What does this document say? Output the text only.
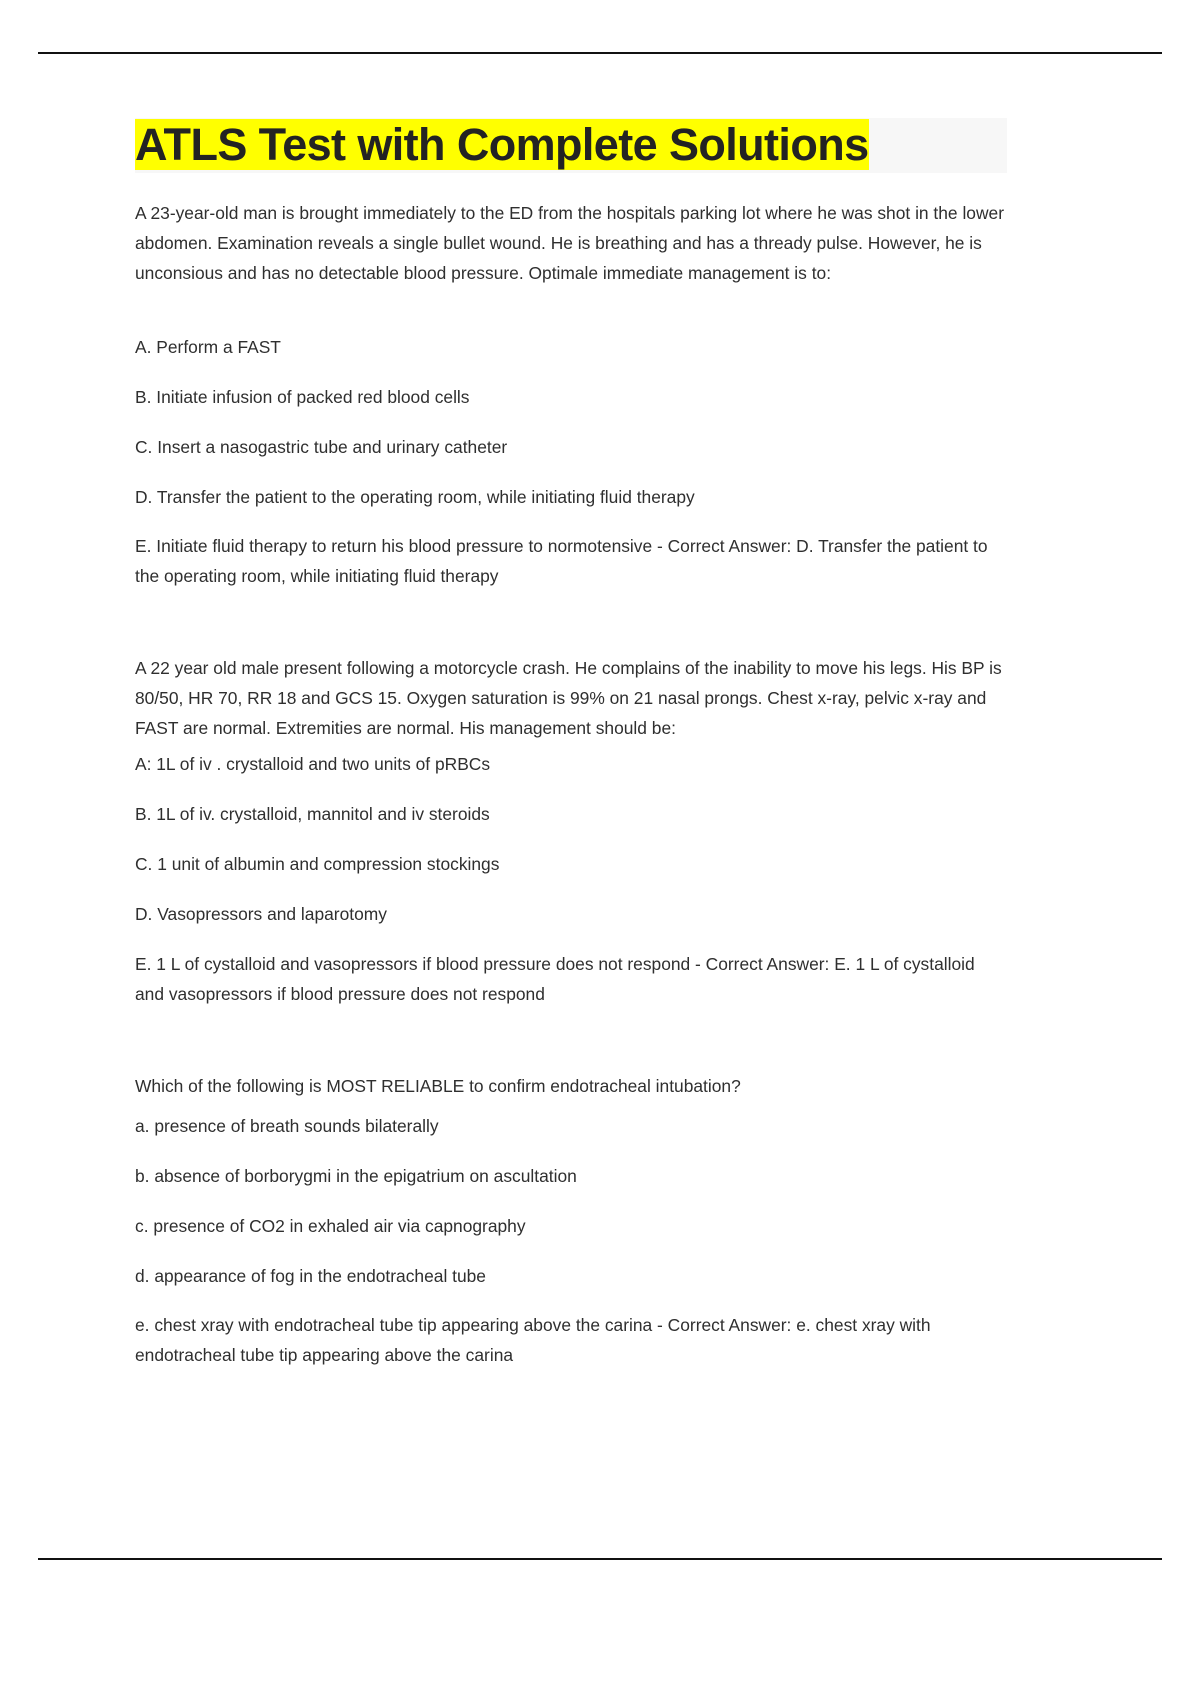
ATLS Test with Complete Solutions

A 23-year-old man is brought immediately to the ED from the hospitals parking lot where he was shot in the lower abdomen. Examination reveals a single bullet wound. He is breathing and has a thready pulse. However, he is unconsious and has no detectable blood pressure. Optimale immediate management is to:

A. Perform a FAST
B. Initiate infusion of packed red blood cells
C. Insert a nasogastric tube and urinary catheter
D. Transfer the patient to the operating room, while initiating fluid therapy
E. Initiate fluid therapy to return his blood pressure to normotensive - Correct Answer: D. Transfer the patient to the operating room, while initiating fluid therapy

A 22 year old male present following a motorcycle crash. He complains of the inability to move his legs. His BP is 80/50, HR 70, RR 18 and GCS 15. Oxygen saturation is 99% on 21 nasal prongs. Chest x-ray, pelvic x-ray and FAST are normal. Extremities are normal. His management should be:

A: 1L of iv . crystalloid and two units of pRBCs
B. 1L of iv. crystalloid, mannitol and iv steroids
C. 1 unit of albumin and compression stockings
D. Vasopressors and laparotomy
E. 1 L of cystalloid and vasopressors if blood pressure does not respond - Correct Answer: E. 1 L of cystalloid and vasopressors if blood pressure does not respond

Which of the following is MOST RELIABLE to confirm endotracheal intubation?

a. presence of breath sounds bilaterally
b. absence of borborygmi in the epigatrium on ascultation
c. presence of CO2 in exhaled air via capnography
d. appearance of fog in the endotracheal tube
e. chest xray with endotracheal tube tip appearing above the carina - Correct Answer: e. chest xray with endotracheal tube tip appearing above the carina
